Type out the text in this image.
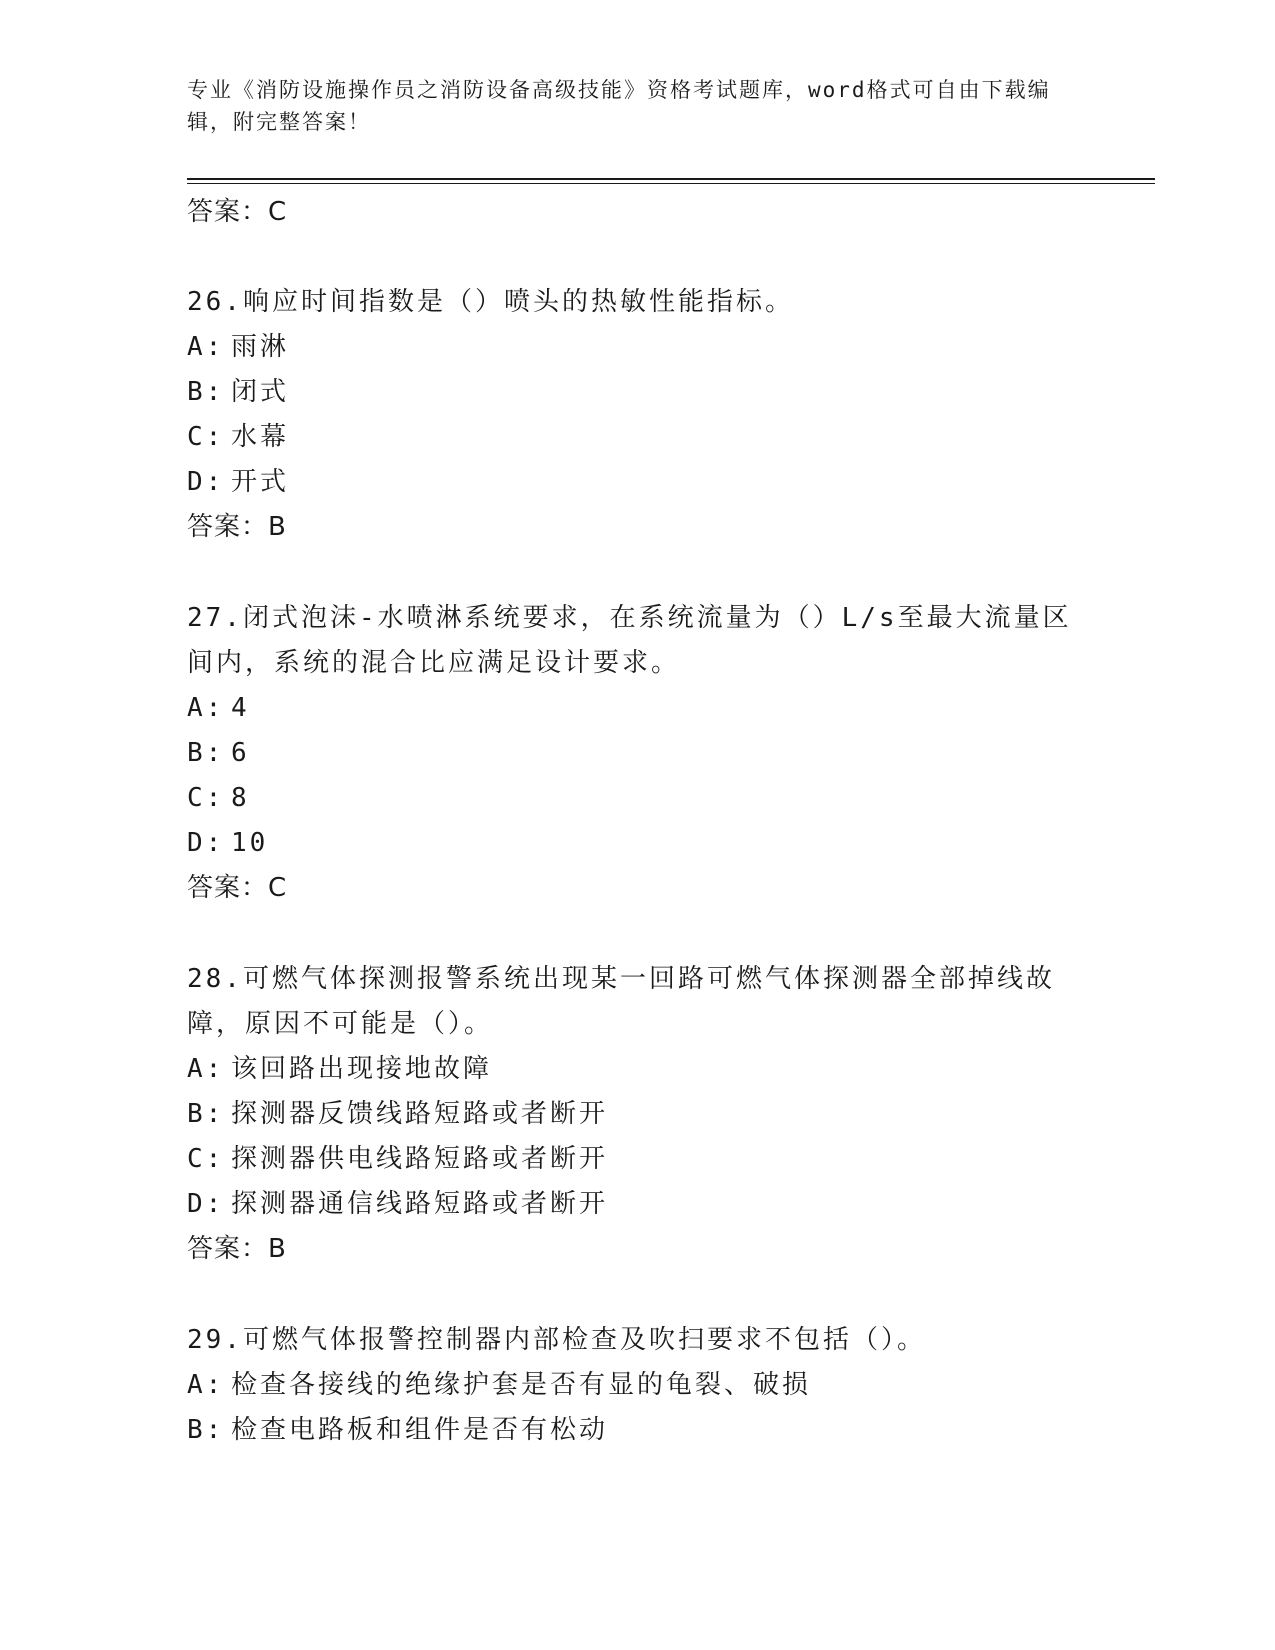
专业《消防设施操作员之消防设备高级技能》资格考试题库，word格式可自由下载编辑，附完整答案！
答案：C
26.响应时间指数是（）喷头的热敏性能指标。
A: 雨淋
B: 闭式
C: 水幕
D: 开式
答案：B
27.闭式泡沫-水喷淋系统要求，在系统流量为（）L/s至最大流量区间内，系统的混合比应满足设计要求。
A: 4
B: 6
C: 8
D: 10
答案：C
28.可燃气体探测报警系统出现某一回路可燃气体探测器全部掉线故障，原因不可能是（）。
A: 该回路出现接地故障
B: 探测器反馈线路短路或者断开
C: 探测器供电线路短路或者断开
D: 探测器通信线路短路或者断开
答案：B
29.可燃气体报警控制器内部检查及吹扫要求不包括（）。
A: 检查各接线的绝缘护套是否有显的龟裂、破损
B: 检查电路板和组件是否有松动
